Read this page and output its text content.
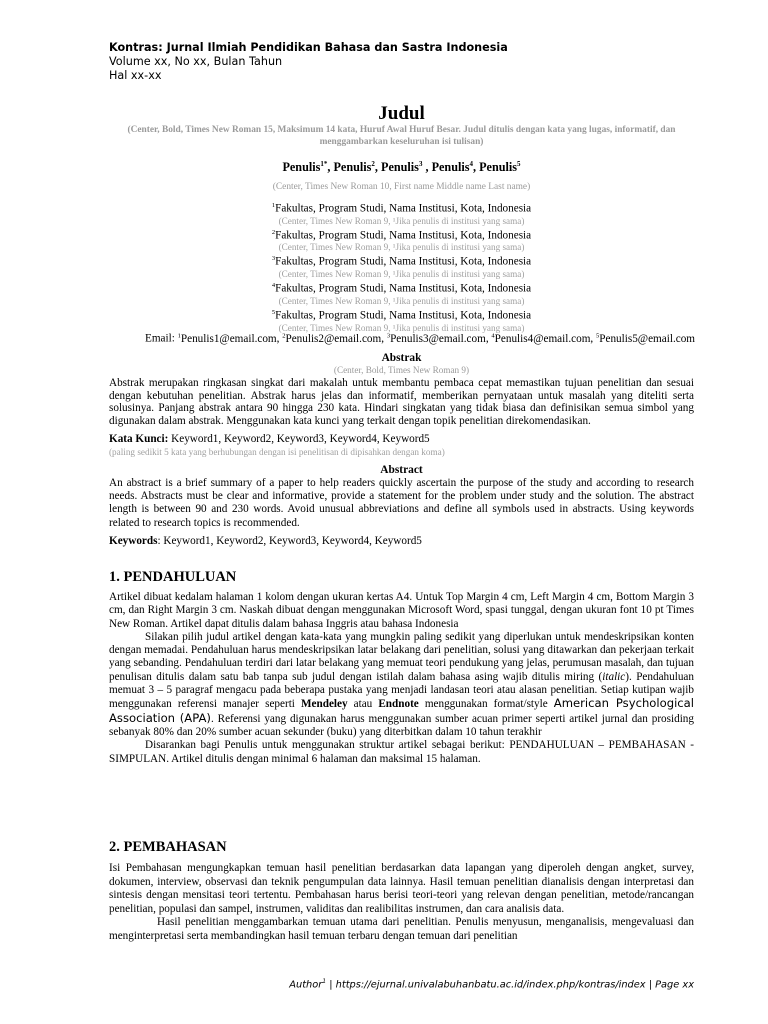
Kontras: Jurnal Ilmiah Pendidikan Bahasa dan Sastra Indonesia
Volume xx, No xx, Bulan Tahun
Hal xx-xx
Judul
(Center, Bold, Times New Roman 15, Maksimum 14 kata, Huruf Awal Huruf Besar. Judul ditulis dengan kata yang lugas, informatif, dan menggambarkan keseluruhan isi tulisan)
Penulis$^{1*}$, Penulis$^2$, Penulis$^3$ , Penulis$^4$, Penulis$^5$
(Center, Times New Roman 10, First name Middle name Last name)

$^1$Fakultas, Program Studi, Nama Institusi, Kota, Indonesia

(Center, Times New Roman 9, ¹Jika penulis di institusi yang sama)

$^2$Fakultas, Program Studi, Nama Institusi, Kota, Indonesia

(Center, Times New Roman 9, ¹Jika penulis di institusi yang sama)

$^3$Fakultas, Program Studi, Nama Institusi, Kota, Indonesia

(Center, Times New Roman 9, ¹Jika penulis di institusi yang sama)

$^4$Fakultas, Program Studi, Nama Institusi, Kota, Indonesia

(Center, Times New Roman 9, ¹Jika penulis di institusi yang sama)

$^5$Fakultas, Program Studi, Nama Institusi, Kota, Indonesia

(Center, Times New Roman 9, ¹Jika penulis di institusi yang sama)

Email: $^1$Penulis1@email.com, $^2$Penulis2@email.com, $^3$Penulis3@email.com, $^4$Penulis4@email.com, $^5$Penulis5@email.com
Abstrak
(Center, Bold, Times New Roman 9)
Abstrak merupakan ringkasan singkat dari makalah untuk membantu pembaca cepat memastikan tujuan penelitian dan sesuai dengan kebutuhan penelitian. Abstrak harus jelas dan informatif, memberikan pernyataan untuk masalah yang diteliti serta solusinya. Panjang abstrak antara 90 hingga 230 kata. Hindari singkatan yang tidak biasa dan definisikan semua simbol yang digunakan dalam abstrak. Menggunakan kata kunci yang terkait dengan topik penelitian direkomendasikan.
Kata Kunci: Keyword1, Keyword2, Keyword3, Keyword4, Keyword5
(paling sedikit 5 kata yang berhubungan dengan isi penelitisan di dipisahkan dengan koma)
Abstract
An abstract is a brief summary of a paper to help readers quickly ascertain the purpose of the study and according to research needs. Abstracts must be clear and informative, provide a statement for the problem under study and the solution. The abstract length is between 90 and 230 words. Avoid unusual abbreviations and define all symbols used in abstracts. Using keywords related to research topics is recommended.
Keywords: Keyword1, Keyword2, Keyword3, Keyword4, Keyword5
1. PENDAHULUAN

Artikel dibuat kedalam halaman 1 kolom dengan ukuran kertas A4. Untuk Top Margin 4 cm, Left Margin 4 cm, Bottom Margin 3 cm, dan Right Margin 3 cm. Naskah dibuat dengan menggunakan Microsoft Word, spasi tunggal, dengan ukuran font 10 pt Times New Roman. Artikel dapat ditulis dalam bahasa Inggris atau bahasa Indonesia

Silakan pilih judul artikel dengan kata-kata yang mungkin paling sedikit yang diperlukan untuk mendeskripsikan konten dengan memadai. Pendahuluan harus mendeskripsikan latar belakang dari penelitian, solusi yang ditawarkan dan pekerjaan terkait yang sebanding. Pendahuluan terdiri dari latar belakang yang memuat teori pendukung yang jelas, perumusan masalah, dan tujuan penulisan ditulis dalam satu bab tanpa sub judul dengan istilah dalam bahasa asing wajib ditulis miring (italic). Pendahuluan memuat 3 – 5 paragraf mengacu pada beberapa pustaka yang menjadi landasan teori atau alasan penelitian. Setiap kutipan wajib menggunakan referensi manajer seperti Mendeley atau Endnote menggunakan format/style American Psychological Association (APA). Referensi yang digunakan harus menggunakan sumber acuan primer seperti artikel jurnal dan prosiding sebanyak 80% dan 20% sumber acuan sekunder (buku) yang diterbitkan dalam 10 tahun terakhir

Disarankan bagi Penulis untuk menggunakan struktur artikel sebagai berikut: PENDAHULUAN – PEMBAHASAN - SIMPULAN. Artikel ditulis dengan minimal 6 halaman dan maksimal 15 halaman.

2. PEMBAHASAN

Isi Pembahasan mengungkapkan temuan hasil penelitian berdasarkan data lapangan yang diperoleh dengan angket, survey, dokumen, interview, observasi dan teknik pengumpulan data lainnya. Hasil temuan penelitian dianalisis dengan interpretasi dan sintesis dengan mensitasi teori tertentu. Pembahasan harus berisi teori-teori yang relevan dengan penelitian, metode/rancangan penelitian, populasi dan sampel, instrumen, validitas dan realibilitas instrumen, dan cara analisis data.

Hasil penelitian menggambarkan temuan utama dari penelitian. Penulis menyusun, menganalisis, mengevaluasi dan menginterpretasi serta membandingkan hasil temuan terbaru dengan temuan dari penelitian

Author$^1$ | https://ejurnal.univalabuhanbatu.ac.id/index.php/kontras/index | Page xx
